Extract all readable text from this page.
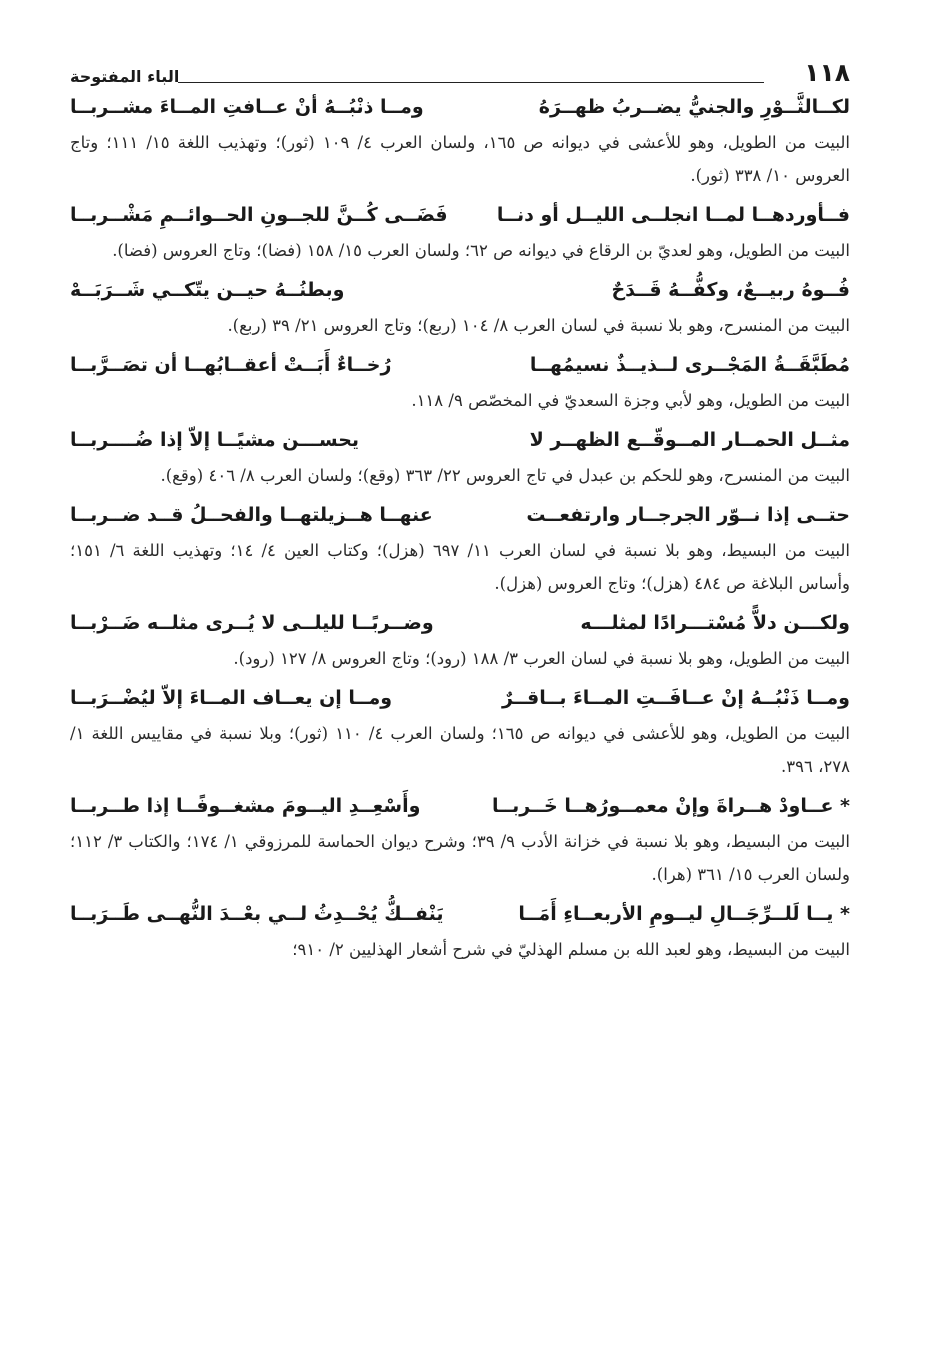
١١٨
الباء المفتوحة
لكــالثَّــوْرِ والجنيُّ يضــربُ ظهــرَهُ
ومــا ذنْبُــهُ أنْ عــافتِ المــاءَ مشــربــا

البيت من الطويل، وهو للأعشى في ديوانه ص ١٦٥، ولسان العرب ٤/ ١٠٩ (ثور)؛ وتهذيب اللغة ١٥/ ١١١؛ وتاج العروس ١٠/ ٣٣٨ (ثور).

فــأوردهــا لمــا انجلــى الليــل أو دنــا
فَضَــى كُــنَّ للجــونِ الحــوائــمِ مَشْــربــا

البيت من الطويل، وهو لعديّ بن الرقاع في ديوانه ص ٦٢؛ ولسان العرب ١٥/ ١٥٨ (فضا)؛ وتاج العروس (فضا).

فُــوهُ ربيــعٌ، وكفُّــهُ قَــدَحٌ
وبطنُــهُ حيــن يتّكــي شَــرَبَــهْ

البيت من المنسرح، وهو بلا نسبة في لسان العرب ٨/ ١٠٤ (ربع)؛ وتاج العروس ٢١/ ٣٩ (ربع).

مُطَبَّقَــةُ المَجْــرى لــذيــذٌ نسيمُهــا
رُخــاءٌ أَبَــتْ أعقــابُهــا أن تصَــرَّبــا

البيت من الطويل، وهو لأبي وجزة السعديّ في المخصّص ٩/ ١١٨.

مثــل الحمــار المــوقّــع الظهــر لا
يحســـن مشيًــا إلاّ إذا ضُــــربــا

البيت من المنسرح، وهو للحكم بن عبدل في تاج العروس ٢٢/ ٣٦٣ (وقع)؛ ولسان العرب ٨/ ٤٠٦ (وقع).

حتــى إذا نــوّر الجرجــار وارتفعــت
عنهــا هــزيلتهــا والفحــلُ قــد ضــربــا

البيت من البسيط، وهو بلا نسبة في لسان العرب ١١/ ٦٩٧ (هزل)؛ وكتاب العين ٤/ ١٤؛ وتهذيب اللغة ٦/ ١٥١؛ وأساس البلاغة ص ٤٨٤ (هزل)؛ وتاج العروس (هزل).

ولكـــن دلاًّ مُسْتـــرادًا لمثلـــه
وضــربًــا لليلــى لا يُــرى مثلــه ضَــرْبــا

البيت من الطويل، وهو بلا نسبة في لسان العرب ٣/ ١٨٨ (رود)؛ وتاج العروس ٨/ ١٢٧ (رود).

ومــا ذَنْبُــهُ إنْ عــافَــتِ المــاءَ بــاقــرٌ
ومــا إن يعــاف المــاءَ إلاّ ليُضْــرَبــا

البيت من الطويل، وهو للأعشى في ديوانه ص ١٦٥؛ ولسان العرب ٤/ ١١٠ (ثور)؛ وبلا نسبة في مقاييس اللغة ١/ ٢٧٨، ٣٩٦.

* عــاودْ هــراةَ وإنْ معمــورُهــا خَــربــا
وأَسْعِــدِ اليــومَ مشغــوفًــا إذا طــربــا

البيت من البسيط، وهو بلا نسبة في خزانة الأدب ٩/ ٣٩؛ وشرح ديوان الحماسة للمرزوقي ١/ ١٧٤؛ والكتاب ٣/ ١١٢؛ ولسان العرب ١٥/ ٣٦١ (هرا).

* يــا لَلــرِّجَــالِ ليــومِ الأربعــاءِ أَمَــا
يَنْفــكُّ يُحْــدِثُ لــي بعْــدَ النُّهــى طَــرَبــا

البيت من البسيط، وهو لعبد الله بن مسلم الهذليّ في شرح أشعار الهذليين ٢/ ٩١٠؛
